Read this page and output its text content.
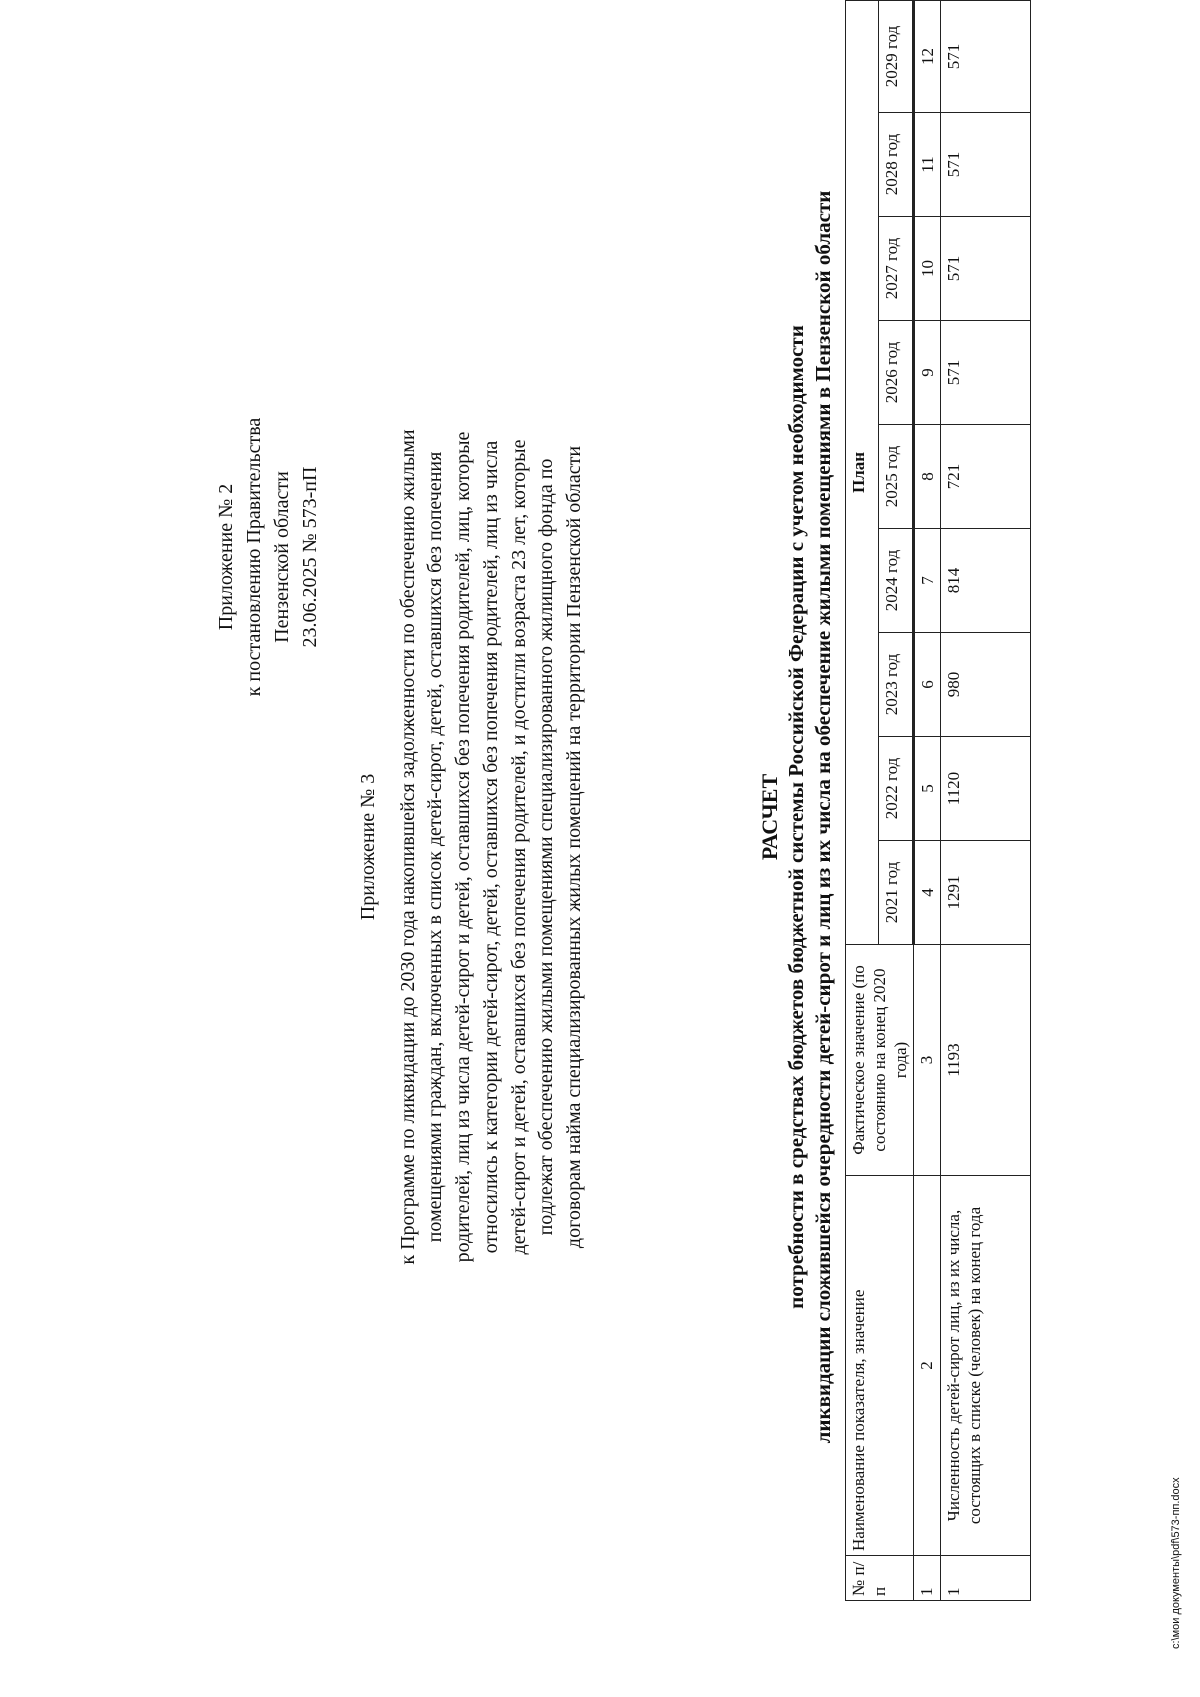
Приложение № 2 к постановлению Правительства Пензенской области 23.06.2025 № 573-пП
Приложение № 3 к Программе по ликвидации до 2030 года накопившейся задолженности по обеспечению жилыми помещениями граждан, включенных в список детей-сирот, детей, оставшихся без попечения родителей, лиц из числа детей-сирот и детей, оставшихся без попечения родителей, лиц, которые относились к категории детей-сирот, детей, оставшихся без попечения родителей, лиц из числа детей-сирот и детей, оставшихся без попечения родителей, и достигли возраста 23 лет, которые подлежат обеспечению жилыми помещениями специализированного жилищного фонда по договорам найма специализированных жилых помещений на территории Пензенской области	РАСЧЕТ потребности в средствах бюджетов бюджетной системы Российской Федерации с учетом необходимости ликвидации сложившейся очередности детей-сирот и лиц из их числа на обеспечение жилыми помещениями в Пензенской области
№ п/п	Наименование показателя, значение	Фактическое значение (по состоянию на конец 2020 года)	План								
			2021 год	2022 год	2023 год	2024 год	2025 год	2026 год	2027 год	2028 год	2029 год
1	2	3	4	5	6	7	8	9	10	11	12
1	Численность детей-сирот лиц, из их числа, состоящих в списке (человек) на конец года	1193	1291	1120	980	814	721	571	571	571	571
c:\мои документы\pdf\573-пп.docx
